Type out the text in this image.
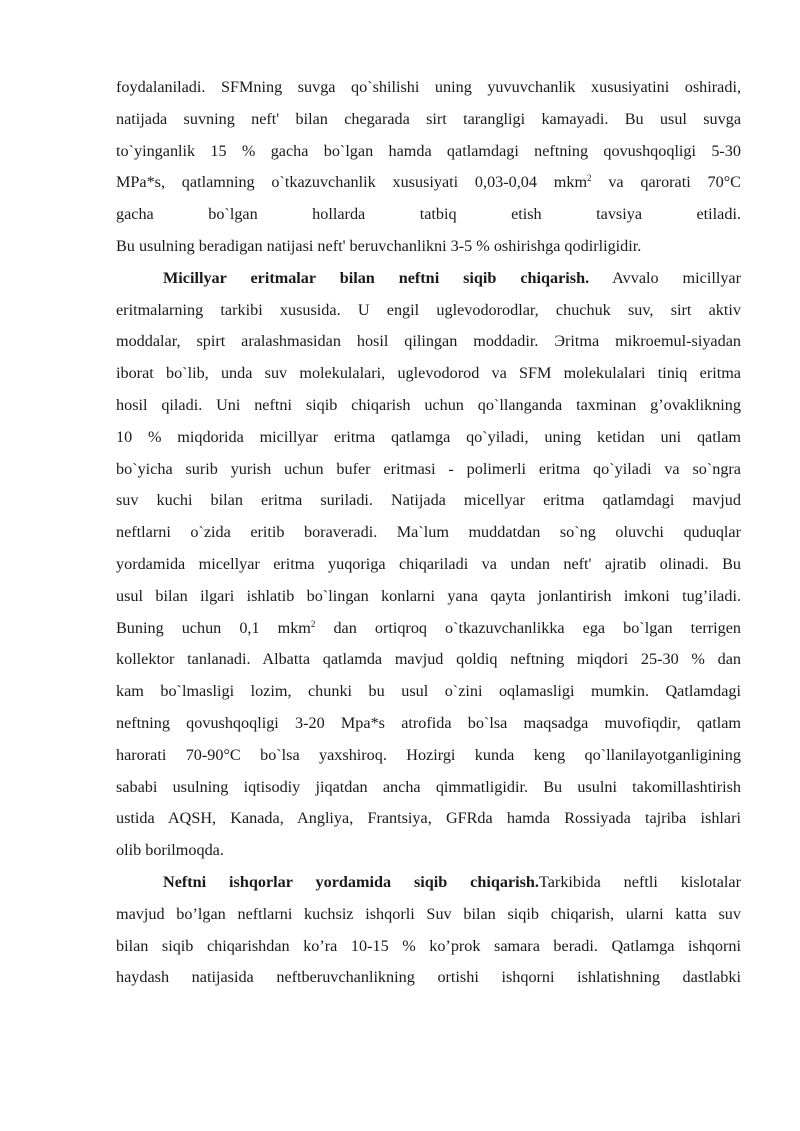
foydalaniladi. SFMning suvga qo`shilishi uning yuvuvchanlik xususiyatini oshiradi,
natijada suvning neft' bilan chegarada sirt tarangligi kamayadi. Bu usul suvga
to`yinganlik 15 % gacha bo`lgan hamda qatlamdagi neftning qovushqoqligi 5-30
MPa*s, qatlamning o`tkazuvchanlik xususiyati 0,03-0,04 mkm$^2$ va qarorati 70°C
gacha bo`lgan hollarda tatbiq etish tavsiya etiladi.
Bu usulning beradigan natijasi neft' beruvchanlikni 3-5 % oshirishga qodirligidir.
Micillyar eritmalar bilan neftni siqib chiqarish. Avvalo micillyar
eritmalarning tarkibi xususida. U engil uglevodorodlar, chuchuk suv, sirt aktiv
moddalar, spirt aralashmasidan hosil qilingan moddadir. Эritma mikroemul-siyadan
iborat bo`lib, unda suv molekulalari, uglevodorod va SFM molekulalari tiniq eritma
hosil qiladi. Uni neftni siqib chiqarish uchun qo`llanganda taxminan g’ovaklikning
10 % miqdorida micillyar eritma qatlamga qo`yiladi, uning ketidan uni qatlam
bo`yicha surib yurish uchun bufer eritmasi - polimerli eritma qo`yiladi va so`ngra
suv kuchi bilan eritma suriladi. Natijada micellyar eritma qatlamdagi mavjud
neftlarni o`zida eritib boraveradi. Ma`lum muddatdan so`ng oluvchi quduqlar
yordamida micellyar eritma yuqoriga chiqariladi va undan neft' ajratib olinadi. Bu
usul bilan ilgari ishlatib bo`lingan konlarni yana qayta jonlantirish imkoni tug’iladi.
Buning uchun 0,1 mkm$^2$ dan ortiqroq o`tkazuvchanlikka ega bo`lgan terrigen
kollektor tanlanadi. Albatta qatlamda mavjud qoldiq neftning miqdori 25-30 % dan
kam bo`lmasligi lozim, chunki bu usul o`zini oqlamasligi mumkin. Qatlamdagi
neftning qovushqoqligi 3-20 Mpa*s atrofida bo`lsa maqsadga muvofiqdir, qatlam
harorati 70-90°C bo`lsa yaxshiroq. Hozirgi kunda keng qo`llanilayotganligining
sababi usulning iqtisodiy jiqatdan ancha qimmatligidir. Bu usulni takomillashtirish
ustida AQSH, Kanada, Angliya, Frantsiya, GFRda hamda Rossiyada tajriba ishlari
olib borilmoqda.
Neftni ishqorlar yordamida siqib chiqarish.Tarkibida neftli kislotalar
mavjud bo’lgan neftlarni kuchsiz ishqorli Suv bilan siqib chiqarish, ularni katta suv
bilan siqib chiqarishdan ko’ra 10-15 % ko’prok samara beradi. Qatlamga ishqorni
haydash natijasida neftberuvchanlikning ortishi ishqorni ishlatishning dastlabki
